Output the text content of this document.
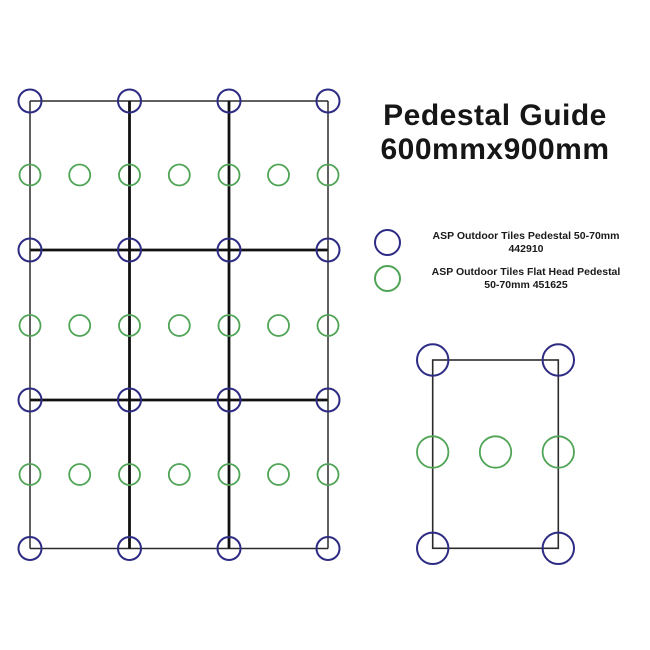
Pedestal Guide
600mmx900mm
ASP Outdoor Tiles Pedestal 50-70mm
442910
ASP Outdoor Tiles Flat Head Pedestal
50-70mm 451625
